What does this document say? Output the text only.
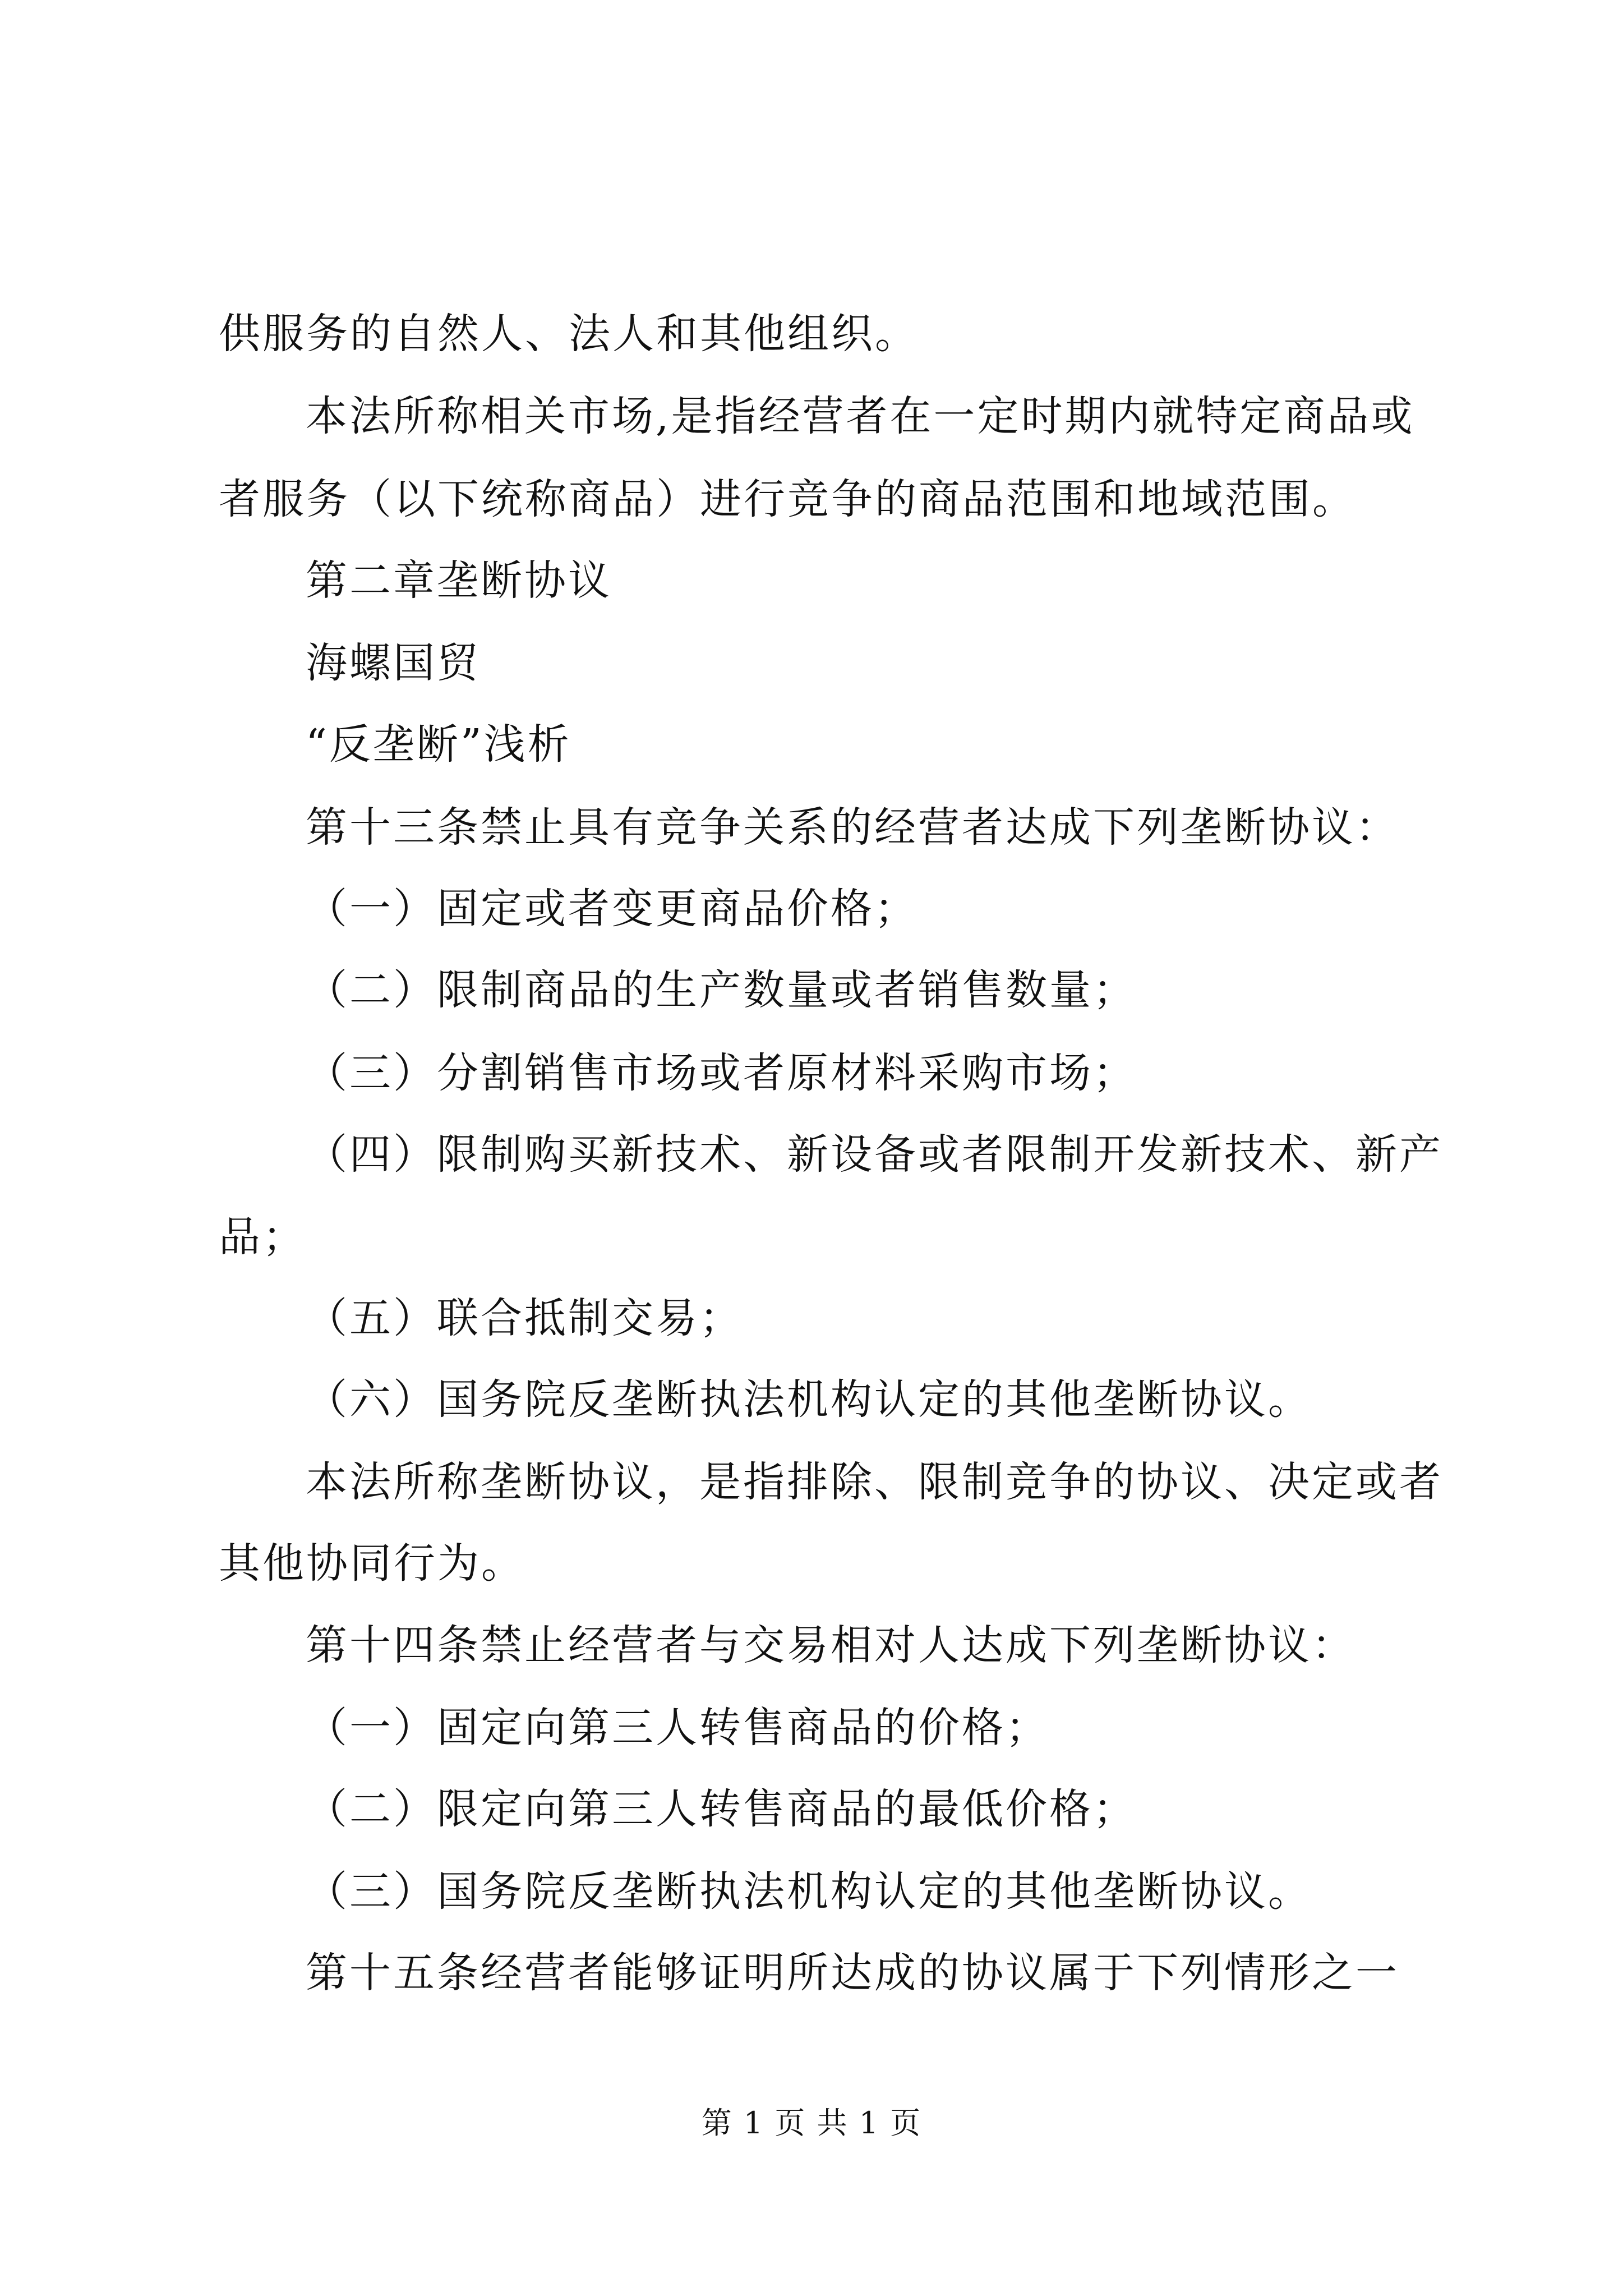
供服务的自然人、法人和其他组织。
本法所称相关市场,是指经营者在一定时期内就特定商品或
者服务（以下统称商品）进行竞争的商品范围和地域范围。
第二章垄断协议
海螺国贸
“反垄断”浅析
第十三条禁止具有竞争关系的经营者达成下列垄断协议：
（一）固定或者变更商品价格；
（二）限制商品的生产数量或者销售数量；
（三）分割销售市场或者原材料采购市场；
（四）限制购买新技术、新设备或者限制开发新技术、新产
品；
（五）联合抵制交易；
（六）国务院反垄断执法机构认定的其他垄断协议。
本法所称垄断协议，是指排除、限制竞争的协议、决定或者
其他协同行为。
第十四条禁止经营者与交易相对人达成下列垄断协议：
（一）固定向第三人转售商品的价格；
（二）限定向第三人转售商品的最低价格；
（三）国务院反垄断执法机构认定的其他垄断协议。
第十五条经营者能够证明所达成的协议属于下列情形之一
第 1 页 共 1 页
